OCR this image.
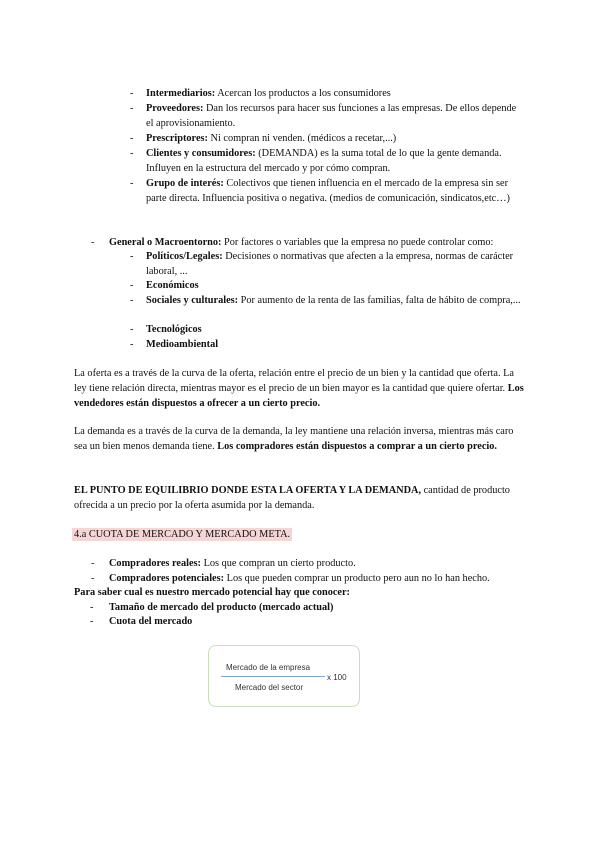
-	Intermediarios: Acercan los productos a los consumidores
-	Proveedores: Dan los recursos para hacer sus funciones a las empresas. De ellos depende el aprovisionamiento.
-	Prescriptores: Ni compran ni venden. (médicos a recetar,...)
-	Clientes y consumidores: (DEMANDA) es la suma total de lo que la gente demanda. Influyen en la estructura del mercado y por cómo compran.
-	Grupo de interés: Colectivos que tienen influencia en el mercado de la empresa sin ser parte directa. Influencia positiva o negativa. (medios de comunicación, sindicatos,etc…)
-	General o Macroentorno: Por factores o variables que la empresa no puede controlar como:
-	Políticos/Legales: Decisiones o normativas que afecten a la empresa, normas de carácter laboral, ...
-	Económicos
-	Sociales y culturales: Por aumento de la renta de las familias, falta de hábito de compra,...
-	Tecnológicos
-	Medioambiental
La oferta es a través de la curva de la oferta, relación entre el precio de un bien y la cantidad que oferta. La ley tiene relación directa, mientras mayor es el precio de un bien mayor es la cantidad que quiere ofertar. Los vendedores están dispuestos a ofrecer a un cierto precio.
La demanda es a través de la curva de la demanda, la ley mantiene una relación inversa, mientras más caro sea un bien menos demanda tiene. Los compradores están dispuestos a comprar a un cierto precio.
EL PUNTO DE EQUILIBRIO DONDE ESTA LA OFERTA Y LA DEMANDA, cantidad de producto ofrecida a un precio por la oferta asumida por la demanda.
4.a CUOTA DE MERCADO Y MERCADO META.
-	Compradores reales: Los que compran un cierto producto.
-	Compradores potenciales: Los que pueden comprar un producto pero aun no lo han hecho.
Para saber cual es nuestro mercado potencial hay que conocer:
-	Tamaño de mercado del producto (mercado actual)
-	Cuota del mercado
Mercado de la empresa
Mercado del sector
x 100
